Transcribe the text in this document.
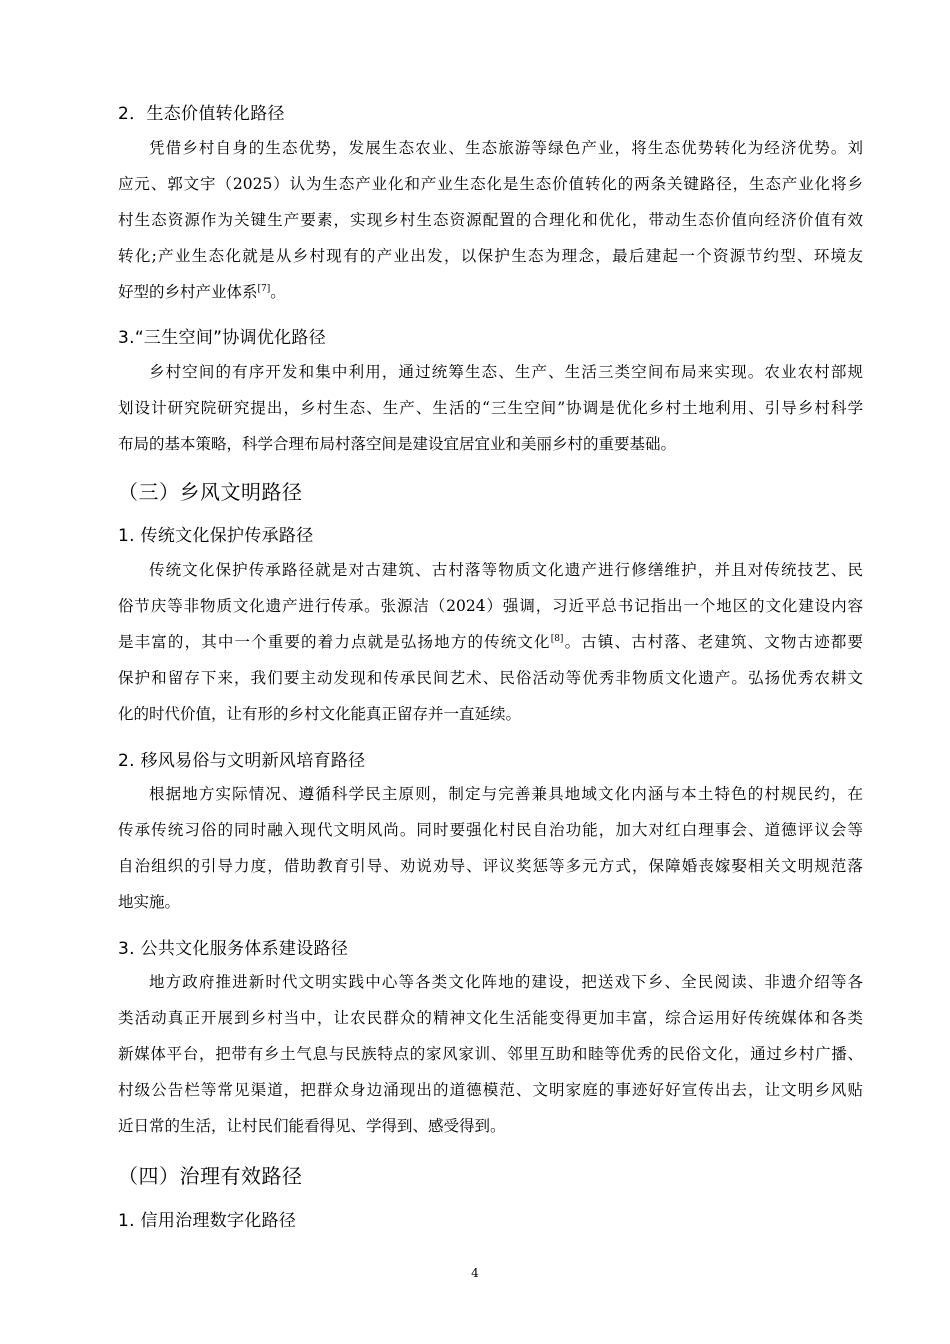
2．生态价值转化路径
凭借乡村自身的生态优势，发展生态农业、生态旅游等绿色产业，将生态优势转化为经济优势。刘
应元、郭文宇（2025）认为生态产业化和产业生态化是生态价值转化的两条关键路径，生态产业化将乡
村生态资源作为关键生产要素，实现乡村生态资源配置的合理化和优化，带动生态价值向经济价值有效
转化;产业生态化就是从乡村现有的产业出发，以保护生态为理念，最后建起一个资源节约型、环境友
好型的乡村产业体系[7]。
3.“三生空间”协调优化路径
乡村空间的有序开发和集中利用，通过统筹生态、生产、生活三类空间布局来实现。农业农村部规
划设计研究院研究提出，乡村生态、生产、生活的“三生空间”协调是优化乡村土地利用、引导乡村科学
布局的基本策略，科学合理布局村落空间是建设宜居宜业和美丽乡村的重要基础。
（三）乡风文明路径
1. 传统文化保护传承路径
传统文化保护传承路径就是对古建筑、古村落等物质文化遗产进行修缮维护，并且对传统技艺、民
俗节庆等非物质文化遗产进行传承。张源洁（2024）强调，习近平总书记指出一个地区的文化建设内容
是丰富的，其中一个重要的着力点就是弘扬地方的传统文化[8]。古镇、古村落、老建筑、文物古迹都要
保护和留存下来，我们要主动发现和传承民间艺术、民俗活动等优秀非物质文化遗产。弘扬优秀农耕文
化的时代价值，让有形的乡村文化能真正留存并一直延续。
2. 移风易俗与文明新风培育路径
根据地方实际情况、遵循科学民主原则，制定与完善兼具地域文化内涵与本土特色的村规民约，在
传承传统习俗的同时融入现代文明风尚。同时要强化村民自治功能，加大对红白理事会、道德评议会等
自治组织的引导力度，借助教育引导、劝说劝导、评议奖惩等多元方式，保障婚丧嫁娶相关文明规范落
地实施。
3. 公共文化服务体系建设路径
地方政府推进新时代文明实践中心等各类文化阵地的建设，把送戏下乡、全民阅读、非遗介绍等各
类活动真正开展到乡村当中，让农民群众的精神文化生活能变得更加丰富，综合运用好传统媒体和各类
新媒体平台，把带有乡土气息与民族特点的家风家训、邻里互助和睦等优秀的民俗文化，通过乡村广播、
村级公告栏等常见渠道，把群众身边涌现出的道德模范、文明家庭的事迹好好宣传出去，让文明乡风贴
近日常的生活，让村民们能看得见、学得到、感受得到。
（四）治理有效路径
1. 信用治理数字化路径
4
